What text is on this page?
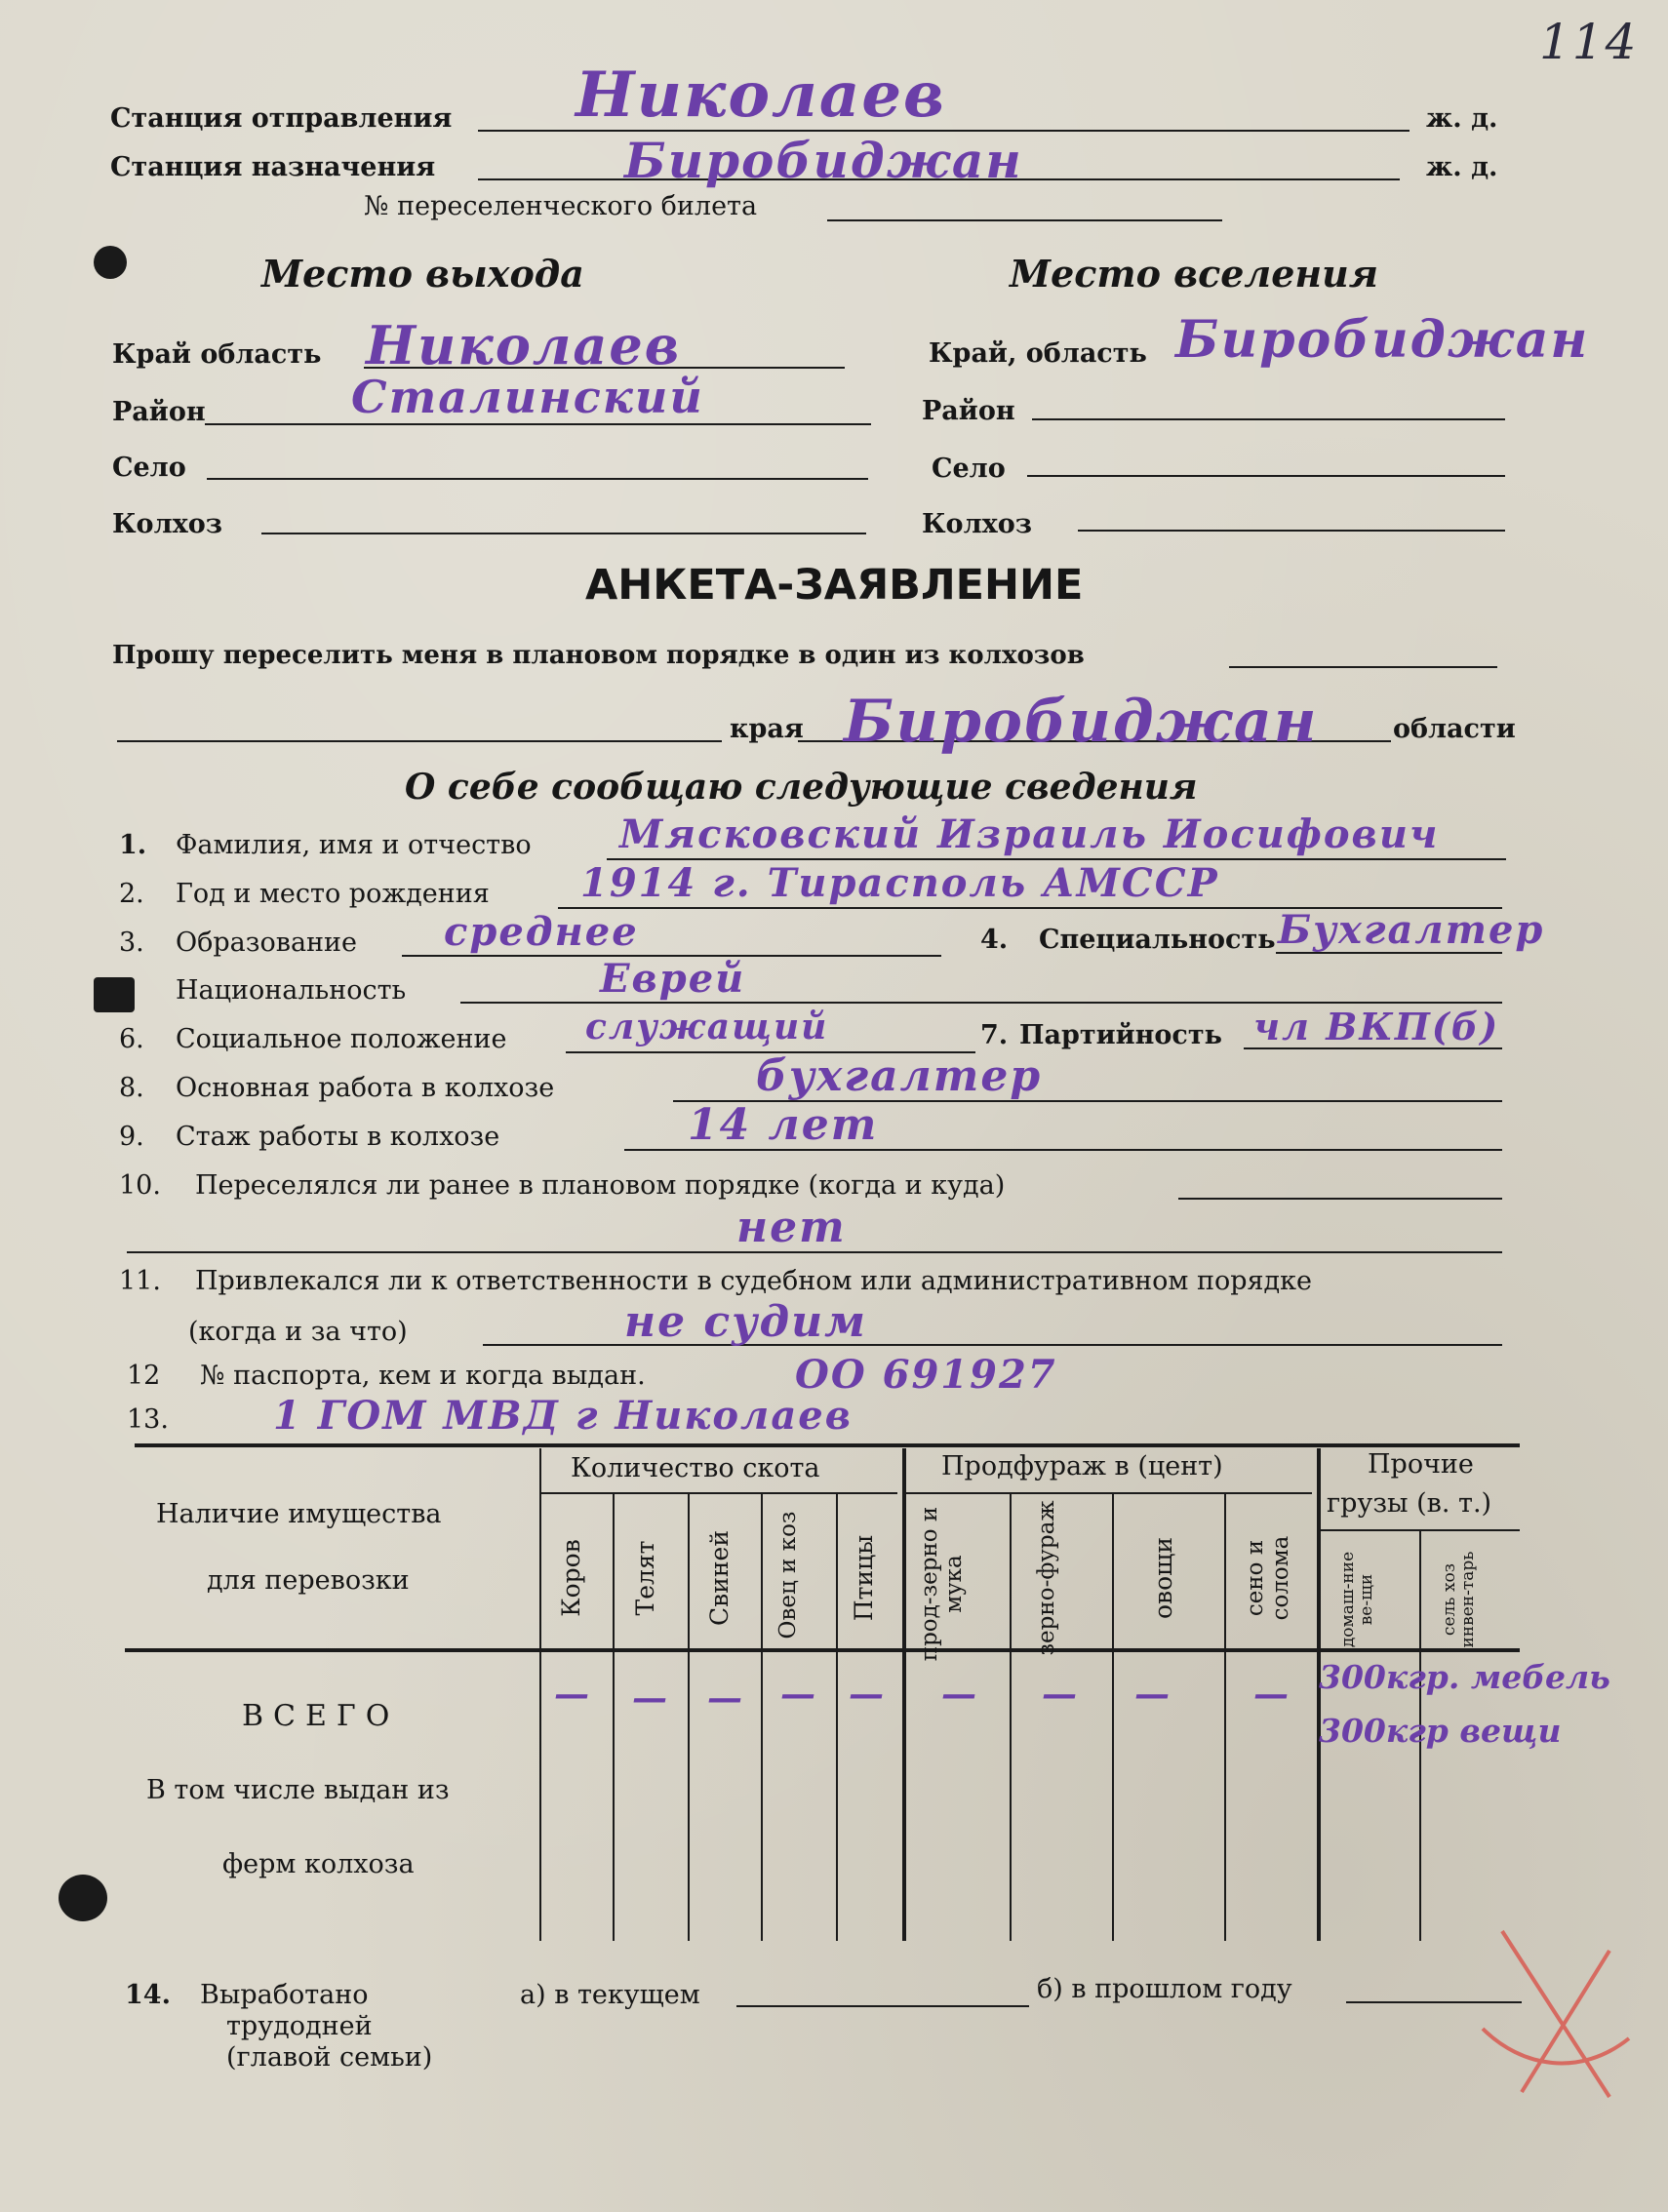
114
Станция отправления Николаев	ж. д.
Станция назначения	Биробиджан	ж. д.
№ переселенческого билета
Место выхода	Место вселения
Край область Николаев
Район	Сталинский
Село
Колхоз
Край, область Биробиджан
Район
Село
Колхоз
АНКЕТА-ЗАЯВЛЕНИЕ
Прошу переселить меня в плановом порядке в один из колхозов
края Биробиджан	области
О себе сообщаю следующие сведения
1. Фамилия, имя и отчество Мясковский Израиль Иосифович
2. Год и место рождения 1914 г. Тирасполь АМССР
3. Образование среднее	4. Специальность Бухгалтер
Национальность	Еврей
6. Социальное положение служащий	7. Партийность чл ВКП(б)
8. Основная работа в колхозе	бухгалтер
9. Стаж работы в колхозе	14 лет
10. Переселялся ли ранее в плановом порядке (когда и куда)
нет
11. Привлекался ли к ответственности в судебном или административном порядке
(когда и за что)	не судим
12 № паспорта, кем и когда выдан.	ОО 691927
13.	1 ГОМ МВД г Николаев
Наличие имущества
для перевозки
Количество скота	Продфураж в (цент)	Прочие
грузы (в. т.)
Коров	Телят	Свиней	Овец и коз	Птицы	прод-зерно и мука	зерно-фураж	овощи	сено и солома	домаш-ние ве-щи	сель хоз инвен-тарь
ВСЕГО
В том числе выдан из
ферм колхоза
— — — — — — — — — 300кгр. мебель
300кгр вещи
14. Выработано
трудодней
(главой семьи)
а) в текущем	б) в прошлом году
